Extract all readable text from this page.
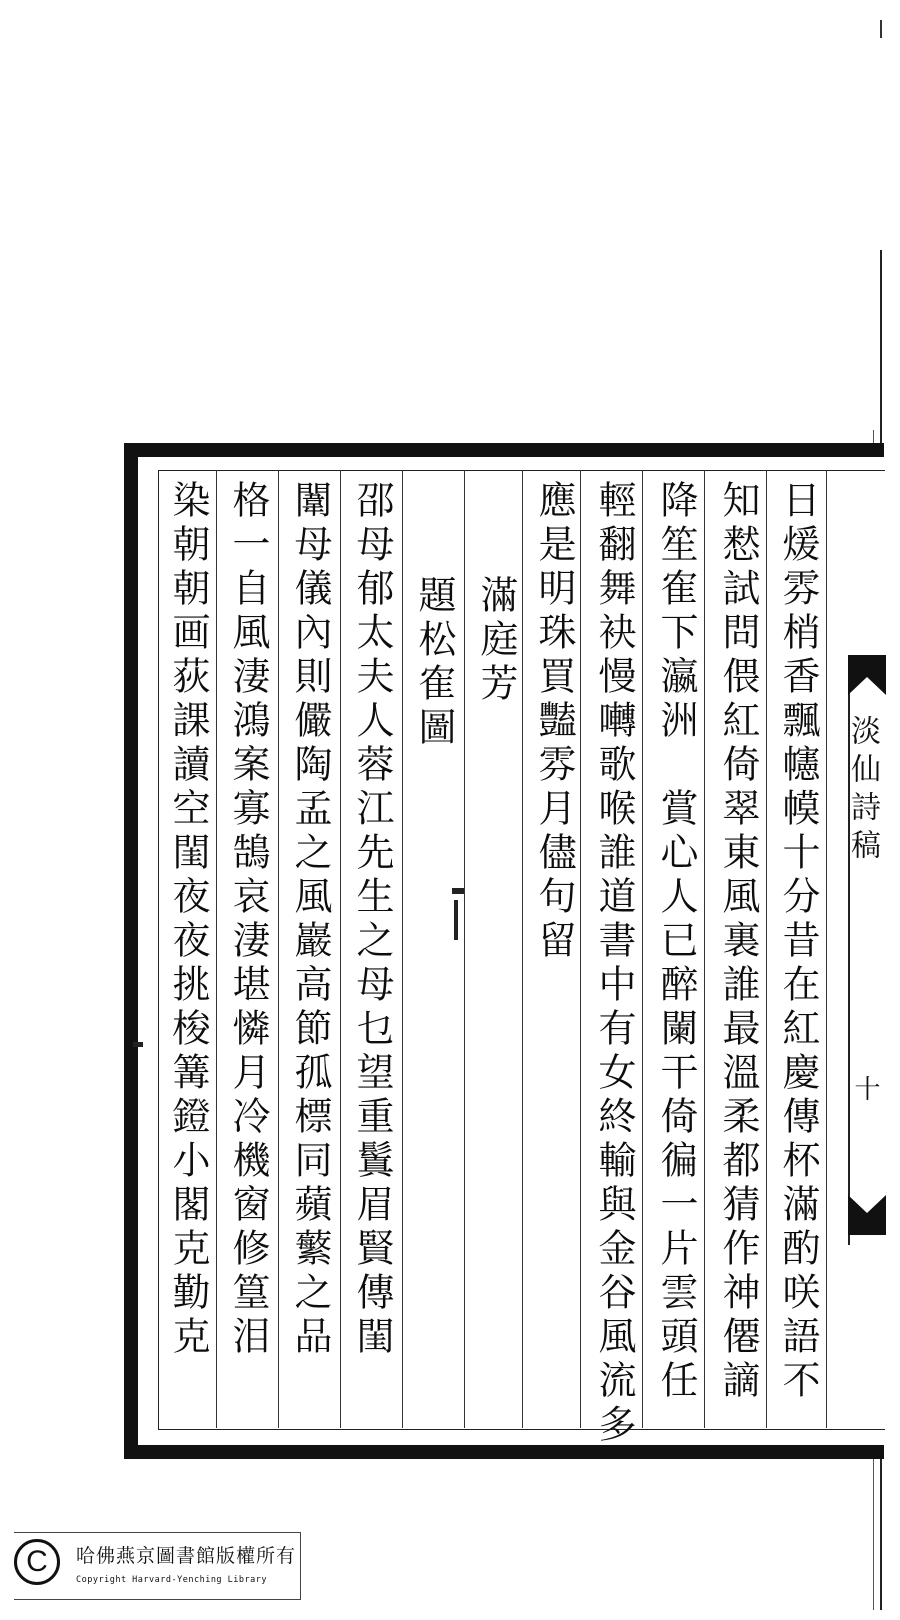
淡仙詩稿
十
日煖雰梢香飄幰幙十分昔在紅慶傳杯滿酌咲語不
知慭試問偎紅倚翠東風裏誰最溫柔都猜作神僊謫
降笙隺下瀛洲　賞心人已醉闌干倚徧一片雲頭任
輕翻舞袂慢囀歌喉誰道書中有女終輸與金谷風流多
應是明珠買豔雰月儘句留
滿庭芳
題松隺圖
邵母郁太夫人蓉江先生之母乜望重鬒眉賢傳閨
闈母儀內則儼陶孟之風巖高節孤標同蘋蘩之品
格一自風淒鴻案寡鵠哀淒堪憐月冷機窗修篁泪
染朝朝画荻課讀空閨夜夜挑梭篝鐙小閣克勤克
C	哈佛燕京圖書館版權所有
Copyright Harvard-Yenching Library
